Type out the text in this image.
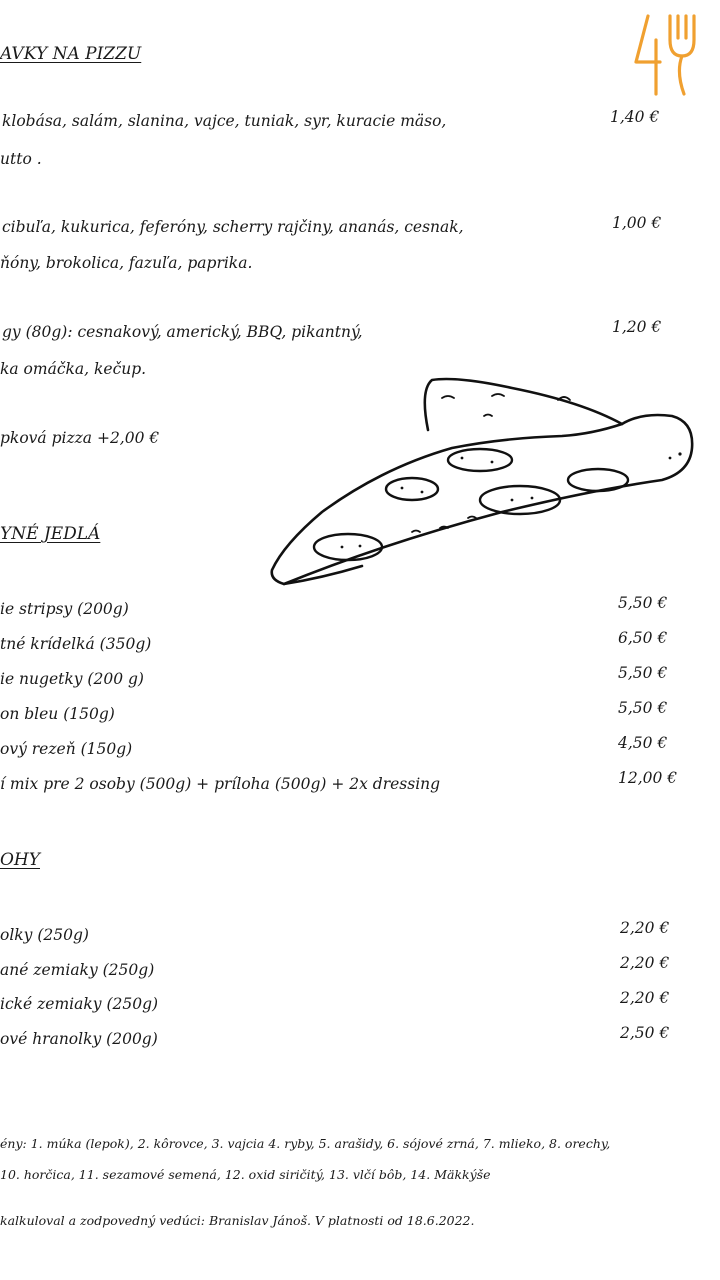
AVKY NA PIZZU
klobása, salám, slanina, vajce, tuniak, syr, kuracie mäso,
utto .
1,40 €
cibuľa, kukurica, feferóny, scherry rajčiny, ananás, cesnak,
ňóny, brokolica, fazuľa, paprika.
1,00 €
gy (80g): cesnakový, americký, BBQ, pikantný,
ka omáčka, kečup.
1,20 €
pková pizza +2,00 €
YNÉ JEDLÁ
ie stripsy (200g)	5,50 €
tné krídelká (350g)	6,50 €
ie nugetky (200 g)	5,50 €
on bleu (150g)	5,50 €
ový rezeň (150g)	4,50 €
í mix pre 2 osoby (500g) + príloha (500g) + 2x dressing	12,00 €
OHY
olky (250g)	2,20 €
ané zemiaky (250g)	2,20 €
ické zemiaky (250g)	2,20 €
ové hranolky (200g)	2,50 €
ény: 1. múka (lepok), 2. kôrovce, 3. vajcia 4. ryby, 5. arašidy, 6. sójové zrná, 7. mlieko, 8. orechy,
10. horčica, 11. sezamové semená, 12. oxid siričitý, 13. vlčí bôb, 14. Mäkkýše
kalkuloval a zodpovedný vedúci: Branislav Jánoš. V platnosti od 18.6.2022.
